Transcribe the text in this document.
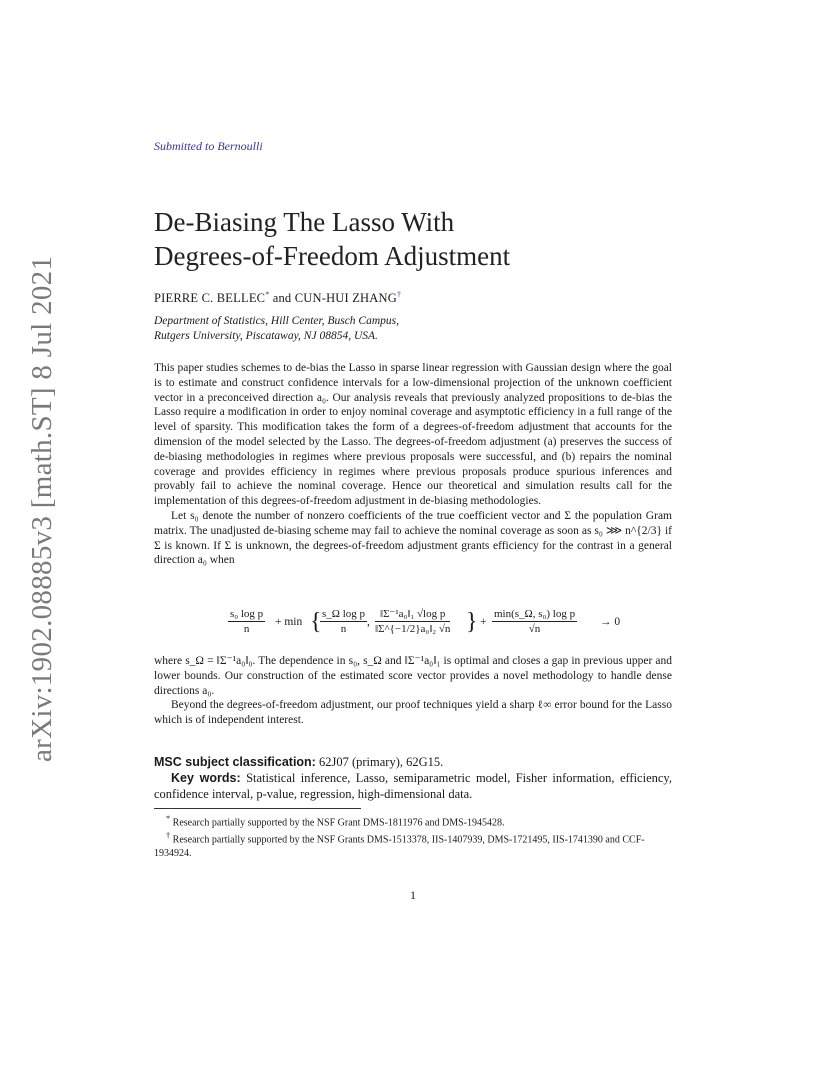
arXiv:1902.08885v3 [math.ST] 8 Jul 2021
Submitted to Bernoulli
De-Biasing The Lasso With
Degrees-of-Freedom Adjustment
PIERRE C. BELLEC* and CUN-HUI ZHANG†
Department of Statistics, Hill Center, Busch Campus,
Rutgers University, Piscataway, NJ 08854, USA.

This paper studies schemes to de-bias the Lasso in sparse linear regression with Gaussian design where the goal is to estimate and construct confidence intervals for a low-dimensional projection of the unknown coefficient vector in a preconceived direction a₀. Our analysis reveals that previously analyzed propositions to de-bias the Lasso require a modification in order to enjoy nominal coverage and asymptotic efficiency in a full range of the level of sparsity. This modification takes the form of a degrees-of-freedom adjustment that accounts for the dimension of the model selected by the Lasso. The degrees-of-freedom adjustment (a) preserves the success of de-biasing methodologies in regimes where previous proposals were successful, and (b) repairs the nominal coverage and provides efficiency in regimes where previous proposals produce spurious inferences and provably fail to achieve the nominal coverage. Hence our theoretical and simulation results call for the implementation of this degrees-of-freedom adjustment in de-biasing methodologies.

Let s₀ denote the number of nonzero coefficients of the true coefficient vector and Σ the population Gram matrix. The unadjusted de-biasing scheme may fail to achieve the nominal coverage as soon as s₀ ⋙ n^{2/3} if Σ is known. If Σ is unknown, the degrees-of-freedom adjustment grants efficiency for the contrast in a general direction a₀ when

$\frac{\text{s₀ log p}}{n} + \min$ {
$\frac{\text{s\_Ω log p}}{n}$ , $\frac{\text{‖Σ⁻¹a₀‖₁ √log p}}{\text{‖Σ\textasciicircum{}\{−1/2\}a₀‖₂ √n}}$ } +
min(s_Ω, s₀) log p
√n
→ 0

where s_Ω = ‖Σ⁻¹a₀‖₀. The dependence in s₀, s_Ω and ‖Σ⁻¹a₀‖₁ is optimal and closes a gap in previous upper and lower bounds. Our construction of the estimated score vector provides a novel methodology to handle dense directions a₀.

Beyond the degrees-of-freedom adjustment, our proof techniques yield a sharp ℓ∞ error bound for the Lasso which is of independent interest.

MSC subject classification: 62J07 (primary), 62G15.

Key words: Statistical inference, Lasso, semiparametric model, Fisher information, efficiency, confidence interval, p-value, regression, high-dimensional data.

* Research partially supported by the NSF Grant DMS-1811976 and DMS-1945428.

† Research partially supported by the NSF Grants DMS-1513378, IIS-1407939, DMS-1721495, IIS-1741390 and CCF-1934924.

1
